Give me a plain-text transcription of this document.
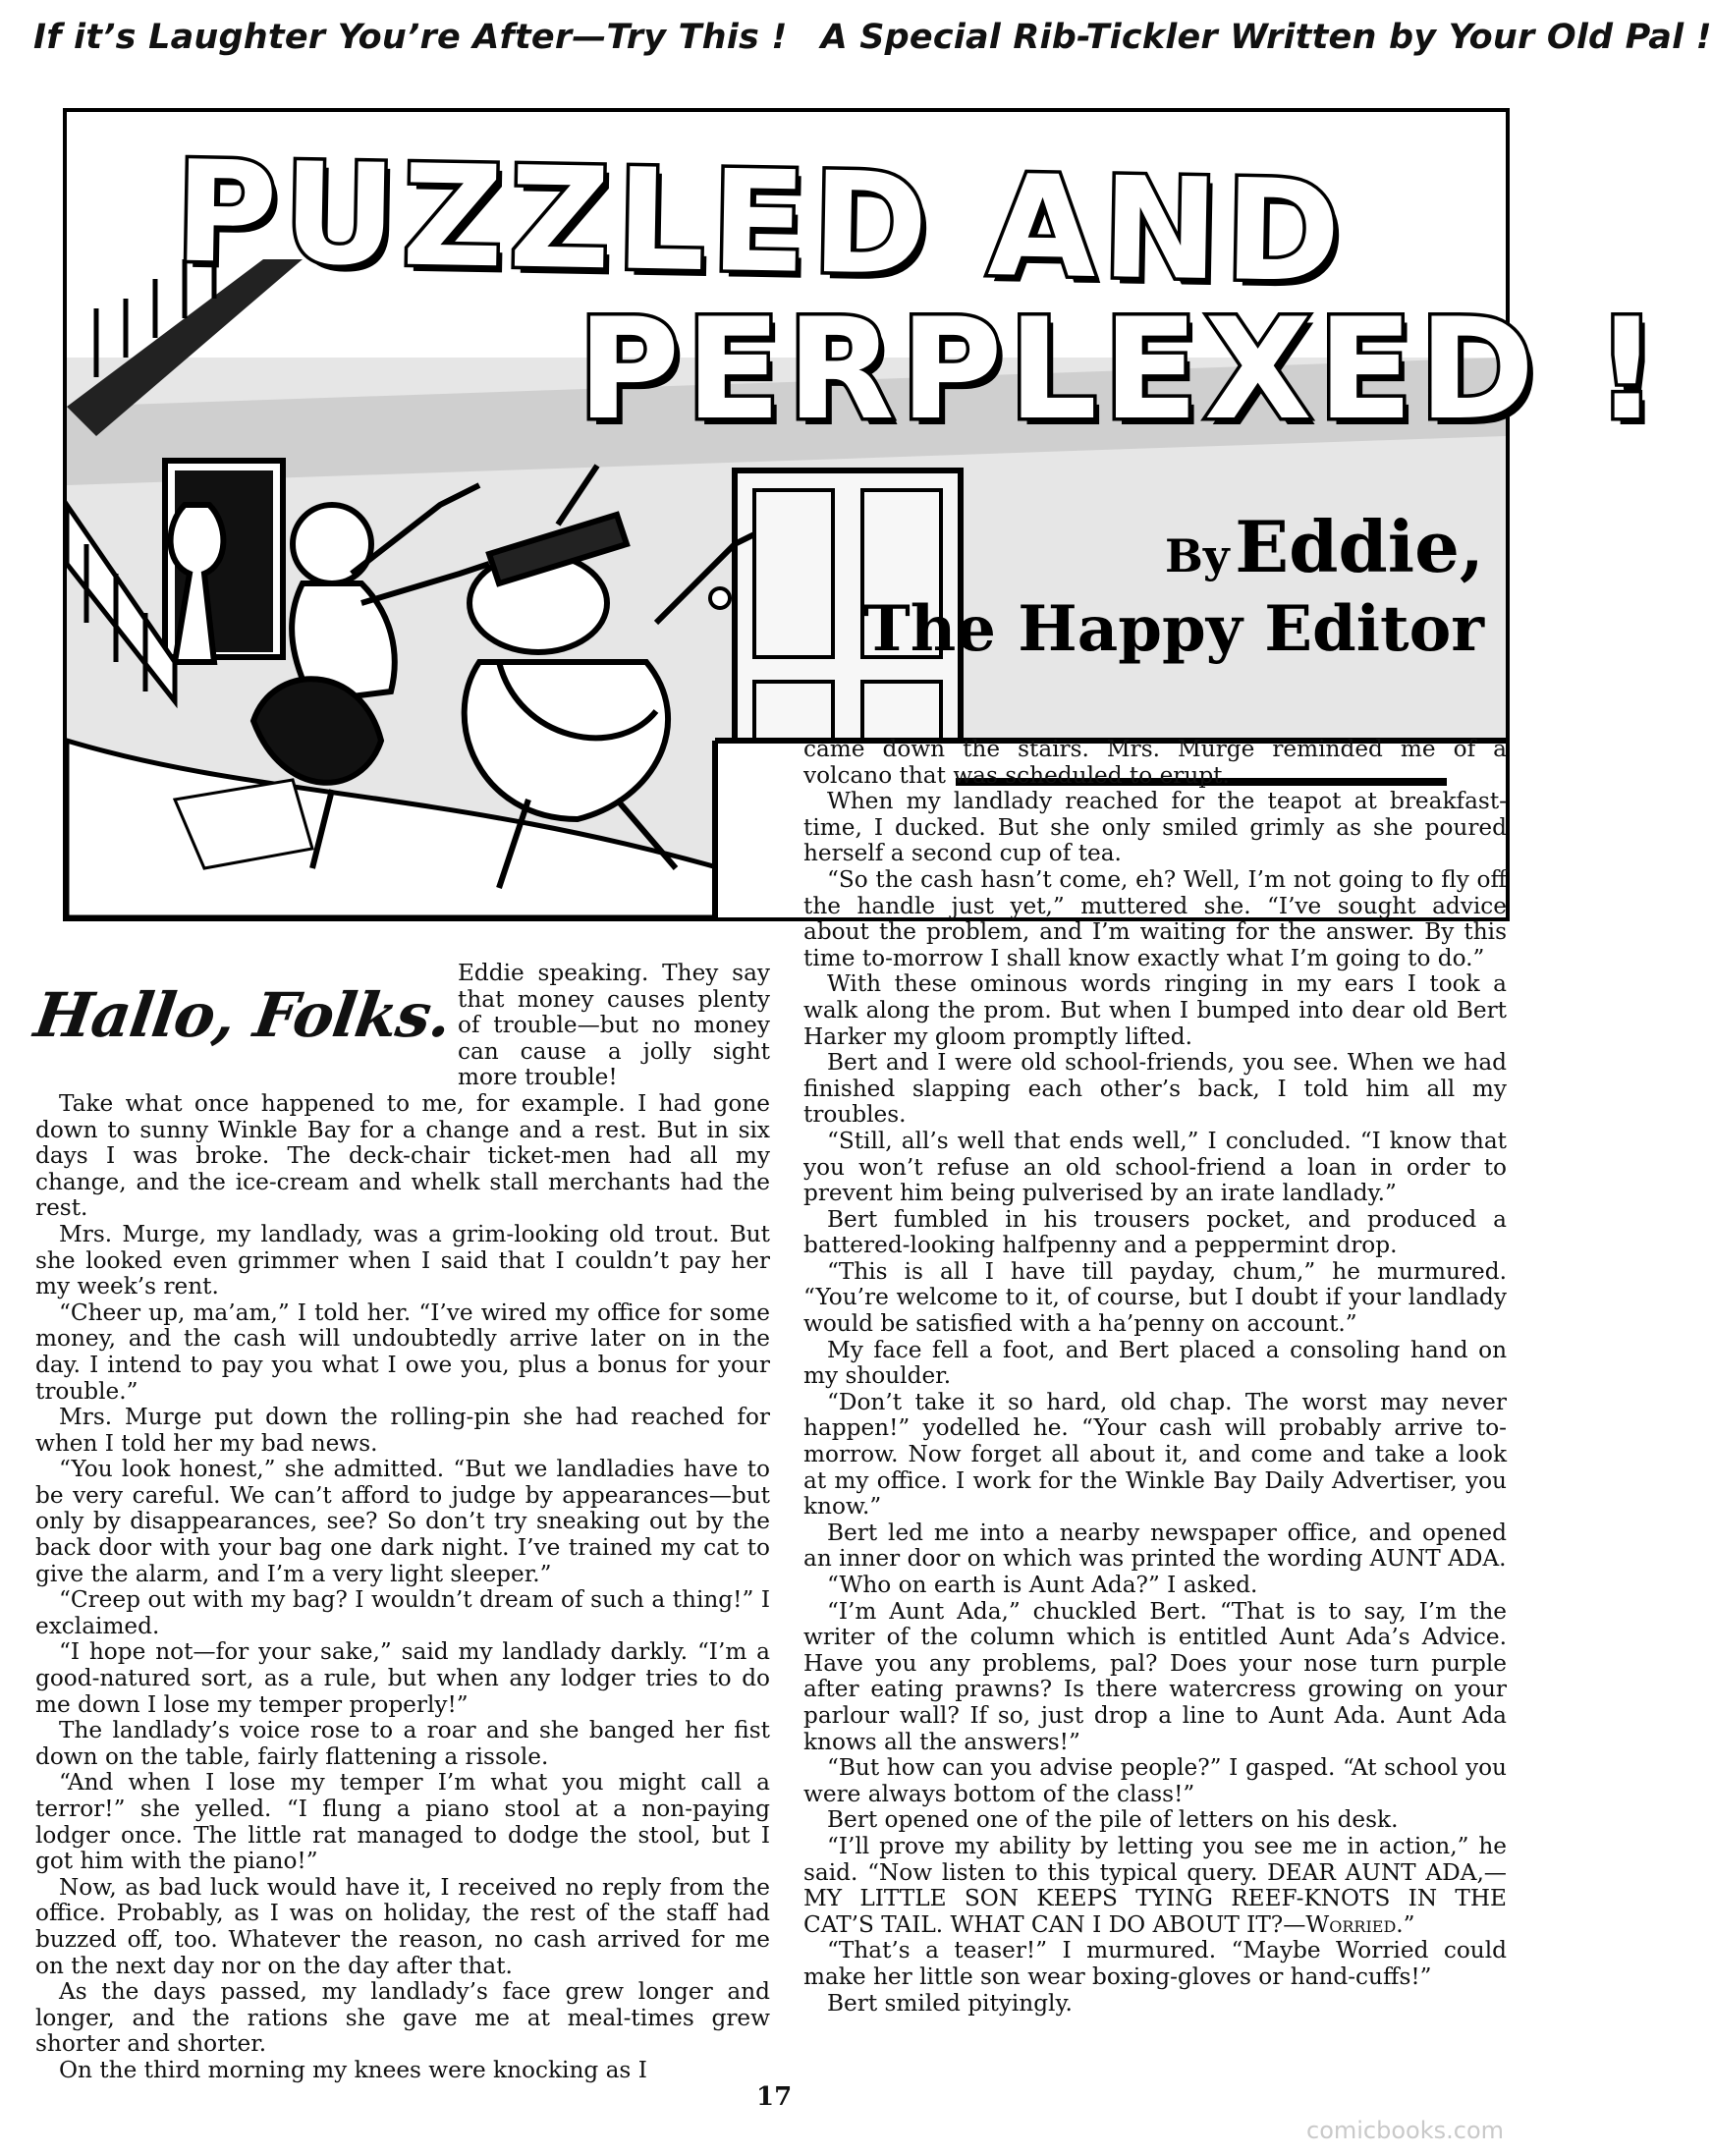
If it’s Laughter You’re After—Try This ! A Special Rib-Tickler Written by Your Old Pal !
PUZZLED AND
PERPLEXED !
By Eddie,
The Happy Editor
Hallo, Folks.

Eddie speaking. They say that money causes plenty of trouble—but no money can cause a jolly sight more trouble!

Take what once happened to me, for example. I had gone down to sunny Winkle Bay for a change and a rest. But in six days I was broke. The deck-chair ticket-men had all my change, and the ice-cream and whelk stall merchants had the rest.

Mrs. Murge, my landlady, was a grim-looking old trout. But she looked even grimmer when I said that I couldn’t pay her my week’s rent.

“Cheer up, ma’am,” I told her. “I’ve wired my office for some money, and the cash will undoubtedly arrive later on in the day. I intend to pay you what I owe you, plus a bonus for your trouble.”

Mrs. Murge put down the rolling-pin she had reached for when I told her my bad news.

“You look honest,” she admitted. “But we landladies have to be very careful. We can’t afford to judge by appearances—but only by disappearances, see? So don’t try sneaking out by the back door with your bag one dark night. I’ve trained my cat to give the alarm, and I’m a very light sleeper.”

“Creep out with my bag? I wouldn’t dream of such a thing!” I exclaimed.

“I hope not—for your sake,” said my landlady darkly. “I’m a good-natured sort, as a rule, but when any lodger tries to do me down I lose my temper properly!”

The landlady’s voice rose to a roar and she banged her fist down on the table, fairly flattening a rissole.

“And when I lose my temper I’m what you might call a terror!” she yelled. “I flung a piano stool at a non-paying lodger once. The little rat managed to dodge the stool, but I got him with the piano!”

Now, as bad luck would have it, I received no reply from the office. Probably, as I was on holiday, the rest of the staff had buzzed off, too. Whatever the reason, no cash arrived for me on the next day nor on the day after that.

As the days passed, my landlady’s face grew longer and longer, and the rations she gave me at meal-times grew shorter and shorter.

On the third morning my knees were knocking as I

came down the stairs. Mrs. Murge reminded me of a volcano that was scheduled to erupt.

When my landlady reached for the teapot at breakfast-time, I ducked. But she only smiled grimly as she poured herself a second cup of tea.

“So the cash hasn’t come, eh? Well, I’m not going to fly off the handle just yet,” muttered she. “I’ve sought advice about the problem, and I’m waiting for the answer. By this time to-morrow I shall know exactly what I’m going to do.”

With these ominous words ringing in my ears I took a walk along the prom. But when I bumped into dear old Bert Harker my gloom promptly lifted.

Bert and I were old school-friends, you see. When we had finished slapping each other’s back, I told him all my troubles.

“Still, all’s well that ends well,” I concluded. “I know that you won’t refuse an old school-friend a loan in order to prevent him being pulverised by an irate landlady.”

Bert fumbled in his trousers pocket, and produced a battered-looking halfpenny and a peppermint drop.

“This is all I have till payday, chum,” he murmured. “You’re welcome to it, of course, but I doubt if your landlady would be satisfied with a ha’penny on account.”

My face fell a foot, and Bert placed a consoling hand on my shoulder.

“Don’t take it so hard, old chap. The worst may never happen!” yodelled he. “Your cash will probably arrive to-morrow. Now forget all about it, and come and take a look at my office. I work for the Winkle Bay Daily Advertiser, you know.”

Bert led me into a nearby newspaper office, and opened an inner door on which was printed the wording AUNT ADA.

“Who on earth is Aunt Ada?” I asked.

“I’m Aunt Ada,” chuckled Bert. “That is to say, I’m the writer of the column which is entitled Aunt Ada’s Advice. Have you any problems, pal? Does your nose turn purple after eating prawns? Is there watercress growing on your parlour wall? If so, just drop a line to Aunt Ada. Aunt Ada knows all the answers!”

“But how can you advise people?” I gasped. “At school you were always bottom of the class!”

Bert opened one of the pile of letters on his desk.

“I’ll prove my ability by letting you see me in action,” he said. “Now listen to this typical query. DEAR AUNT ADA,—MY LITTLE SON KEEPS TYING REEF-KNOTS IN THE CAT’S TAIL. WHAT CAN I DO ABOUT IT?—Worried.”

“That’s a teaser!” I murmured. “Maybe Worried could make her little son wear boxing-gloves or hand-cuffs!”

Bert smiled pityingly.

17
comicbooks.com
